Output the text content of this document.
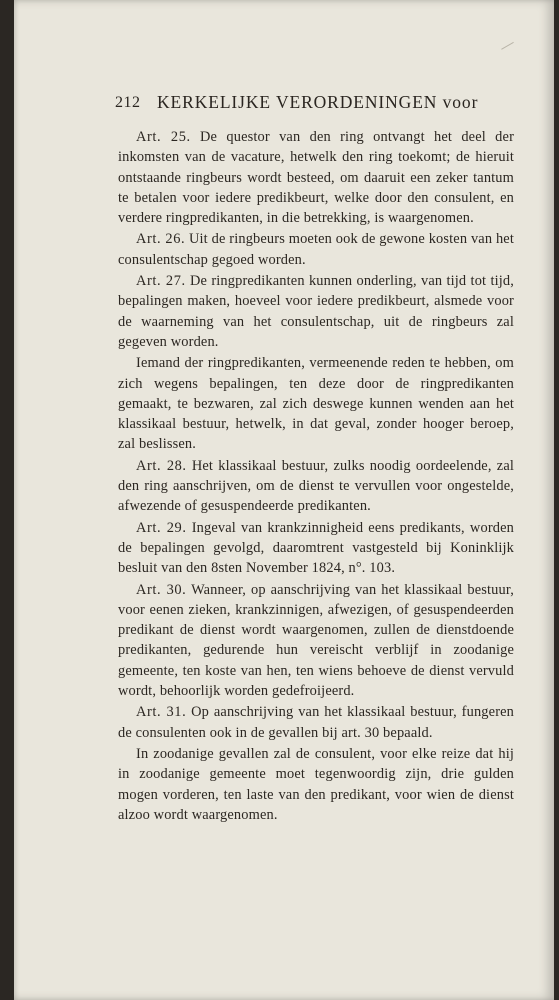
212 KERKELIJKE VERORDENINGEN voor

Art. 25. De questor van den ring ontvangt het deel der inkomsten van de vacature, hetwelk den ring toekomt; de hieruit ontstaande ringbeurs wordt besteed, om daaruit een zeker tantum te betalen voor iedere predikbeurt, welke door den consulent, en verdere ringpredikanten, in die betrekking, is waargenomen.

Art. 26. Uit de ringbeurs moeten ook de gewone kosten van het consulentschap gegoed worden.

Art. 27. De ringpredikanten kunnen onderling, van tijd tot tijd, bepalingen maken, hoeveel voor iedere predikbeurt, alsmede voor de waarneming van het consulentschap, uit de ringbeurs zal gegeven worden.

Iemand der ringpredikanten, vermeenende reden te hebben, om zich wegens bepalingen, ten deze door de ringpredikanten gemaakt, te bezwaren, zal zich deswege kunnen wenden aan het klassikaal bestuur, hetwelk, in dat geval, zonder hooger beroep, zal beslissen.

Art. 28. Het klassikaal bestuur, zulks noodig oordeelende, zal den ring aanschrijven, om de dienst te vervullen voor ongestelde, afwezende of gesuspendeerde predikanten.

Art. 29. Ingeval van krankzinnigheid eens predikants, worden de bepalingen gevolgd, daaromtrent vastgesteld bij Koninklijk besluit van den 8sten November 1824, n°. 103.

Art. 30. Wanneer, op aanschrijving van het klassikaal bestuur, voor eenen zieken, krankzinnigen, afwezigen, of gesuspendeerden predikant de dienst wordt waargenomen, zullen de dienstdoende predikanten, gedurende hun vereischt verblijf in zoodanige gemeente, ten koste van hen, ten wiens behoeve de dienst vervuld wordt, behoorlijk worden gedefroijeerd.

Art. 31. Op aanschrijving van het klassikaal bestuur, fungeren de consulenten ook in de gevallen bij art. 30 bepaald.

In zoodanige gevallen zal de consulent, voor elke reize dat hij in zoodanige gemeente moet tegenwoordig zijn, drie gulden mogen vorderen, ten laste van den predikant, voor wien de dienst alzoo wordt waargenomen.
